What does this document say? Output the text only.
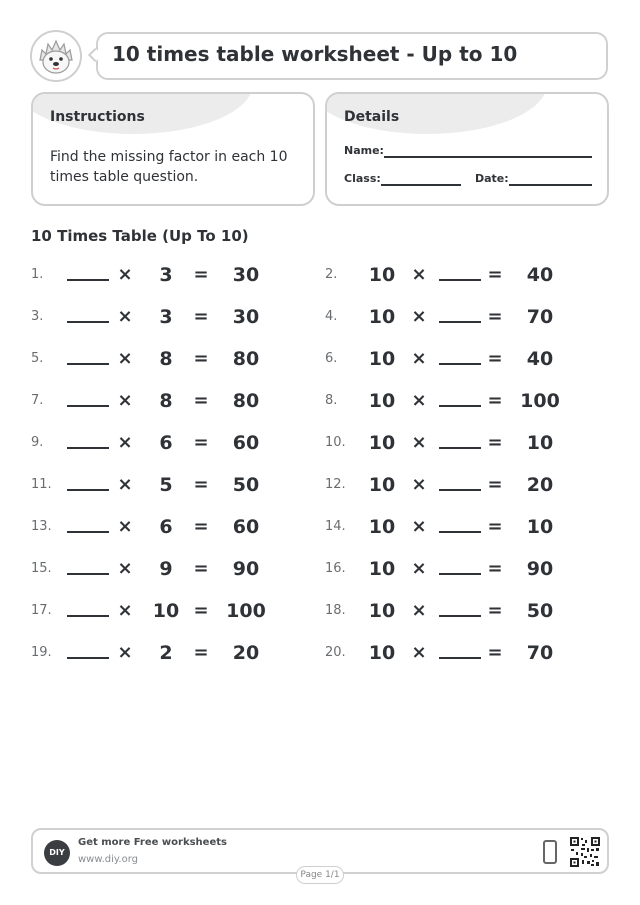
10 times table worksheet - Up to 10
Instructions
Find the missing factor in each 10 times table question.
Details
Name:
Class:	Date:
10 Times Table (Up To 10)
1.	×	3	=	30	2.	10 ×	=	40
3.	×	3	=	30	4.	10 ×	=	70
5.	×	8	=	80	6.	10 ×	=	40
7.	×	8	=	80	8.	10 ×	= 100
9.	×	6	=	60	10.	10 ×	=	10
11.	×	5	=	50	12.	10 ×	=	20
13.	×	6	=	60	14.	10 ×	=	10
15.	×	9	=	90	16.	10 ×	=	90
17.	×	10 = 100	18.	10 ×	=	50
19.	×	2	=	20	20.	10 ×	=	70
DIY
Get more Free worksheets
www.diy.org
Page 1/1
